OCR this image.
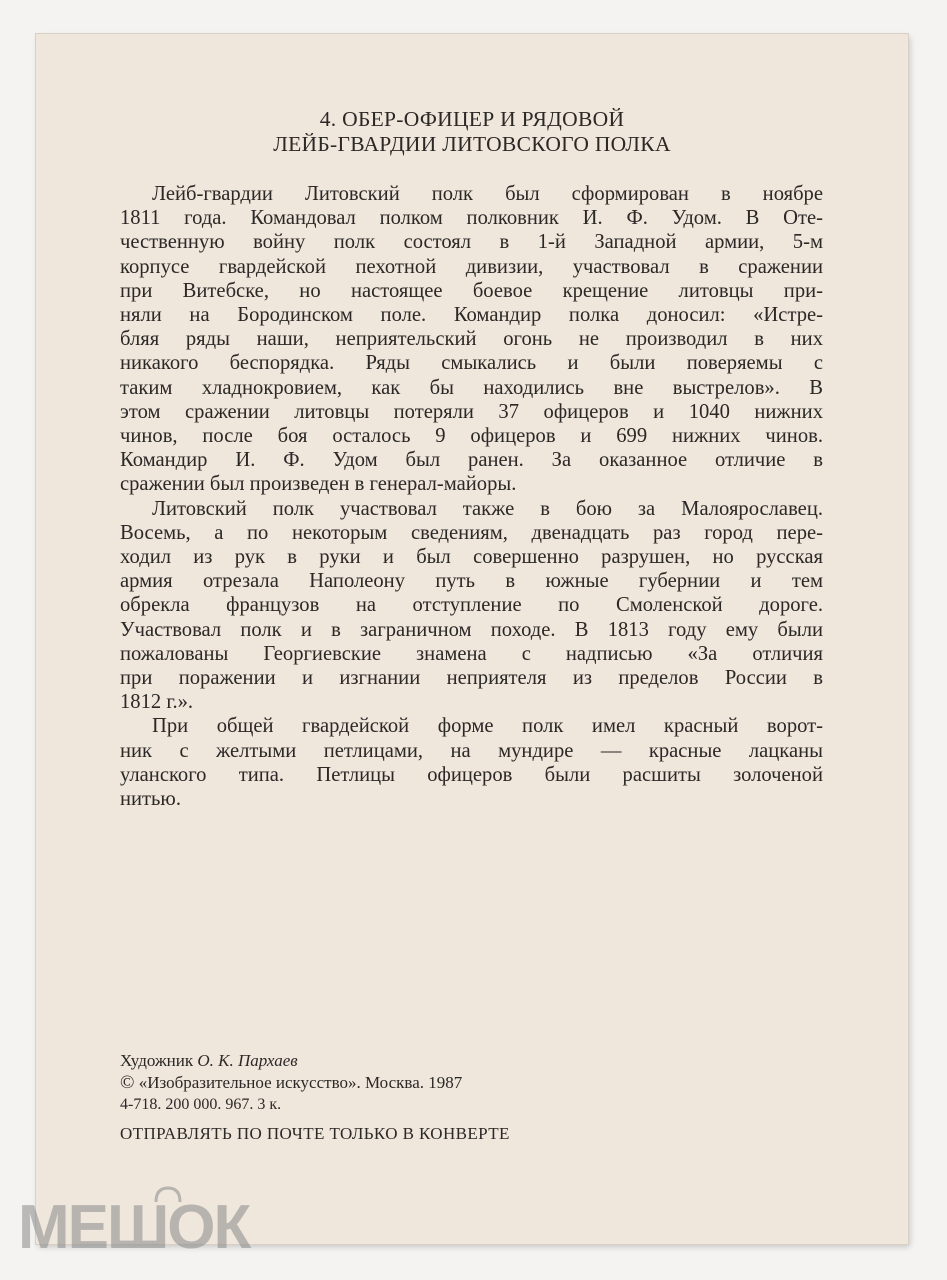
4. ОБЕР-ОФИЦЕР И РЯДОВОЙ
ЛЕЙБ-ГВАРДИИ ЛИТОВСКОГО ПОЛКА

Лейб-гвардии Литовский полк был сформирован в ноябре
1811 года. Командовал полком полковник И. Ф. Удом. В Оте-
чественную войну полк состоял в 1-й Западной армии, 5-м
корпусе гвардейской пехотной дивизии, участвовал в сражении
при Витебске, но настоящее боевое крещение литовцы при-
няли на Бородинском поле. Командир полка доносил: «Истре-
бляя ряды наши, неприятельский огонь не производил в них
никакого беспорядка. Ряды смыкались и были поверяемы с
таким хладнокровием, как бы находились вне выстрелов». В
этом сражении литовцы потеряли 37 офицеров и 1040 нижних
чинов, после боя осталось 9 офицеров и 699 нижних чинов.
Командир И. Ф. Удом был ранен. За оказанное отличие в
сражении был произведен в генерал-майоры.

Литовский полк участвовал также в бою за Малоярославец.
Восемь, а по некоторым сведениям, двенадцать раз город пере-
ходил из рук в руки и был совершенно разрушен, но русская
армия отрезала Наполеону путь в южные губернии и тем
обрекла французов на отступление по Смоленской дороге.
Участвовал полк и в заграничном походе. В 1813 году ему были
пожалованы Георгиевские знамена с надписью «За отличия
при поражении и изгнании неприятеля из пределов России в
1812 г.».

При общей гвардейской форме полк имел красный ворот-
ник с желтыми петлицами, на мундире — красные лацканы
уланского типа. Петлицы офицеров были расшиты золоченой
нитью.

Художник О. К. Пархаев
© «Изобразительное искусство». Москва. 1987
4-718. 200 000. 967. 3 к.
ОТПРАВЛЯТЬ ПО ПОЧТЕ ТОЛЬКО В КОНВЕРТЕ
МЕШОК
